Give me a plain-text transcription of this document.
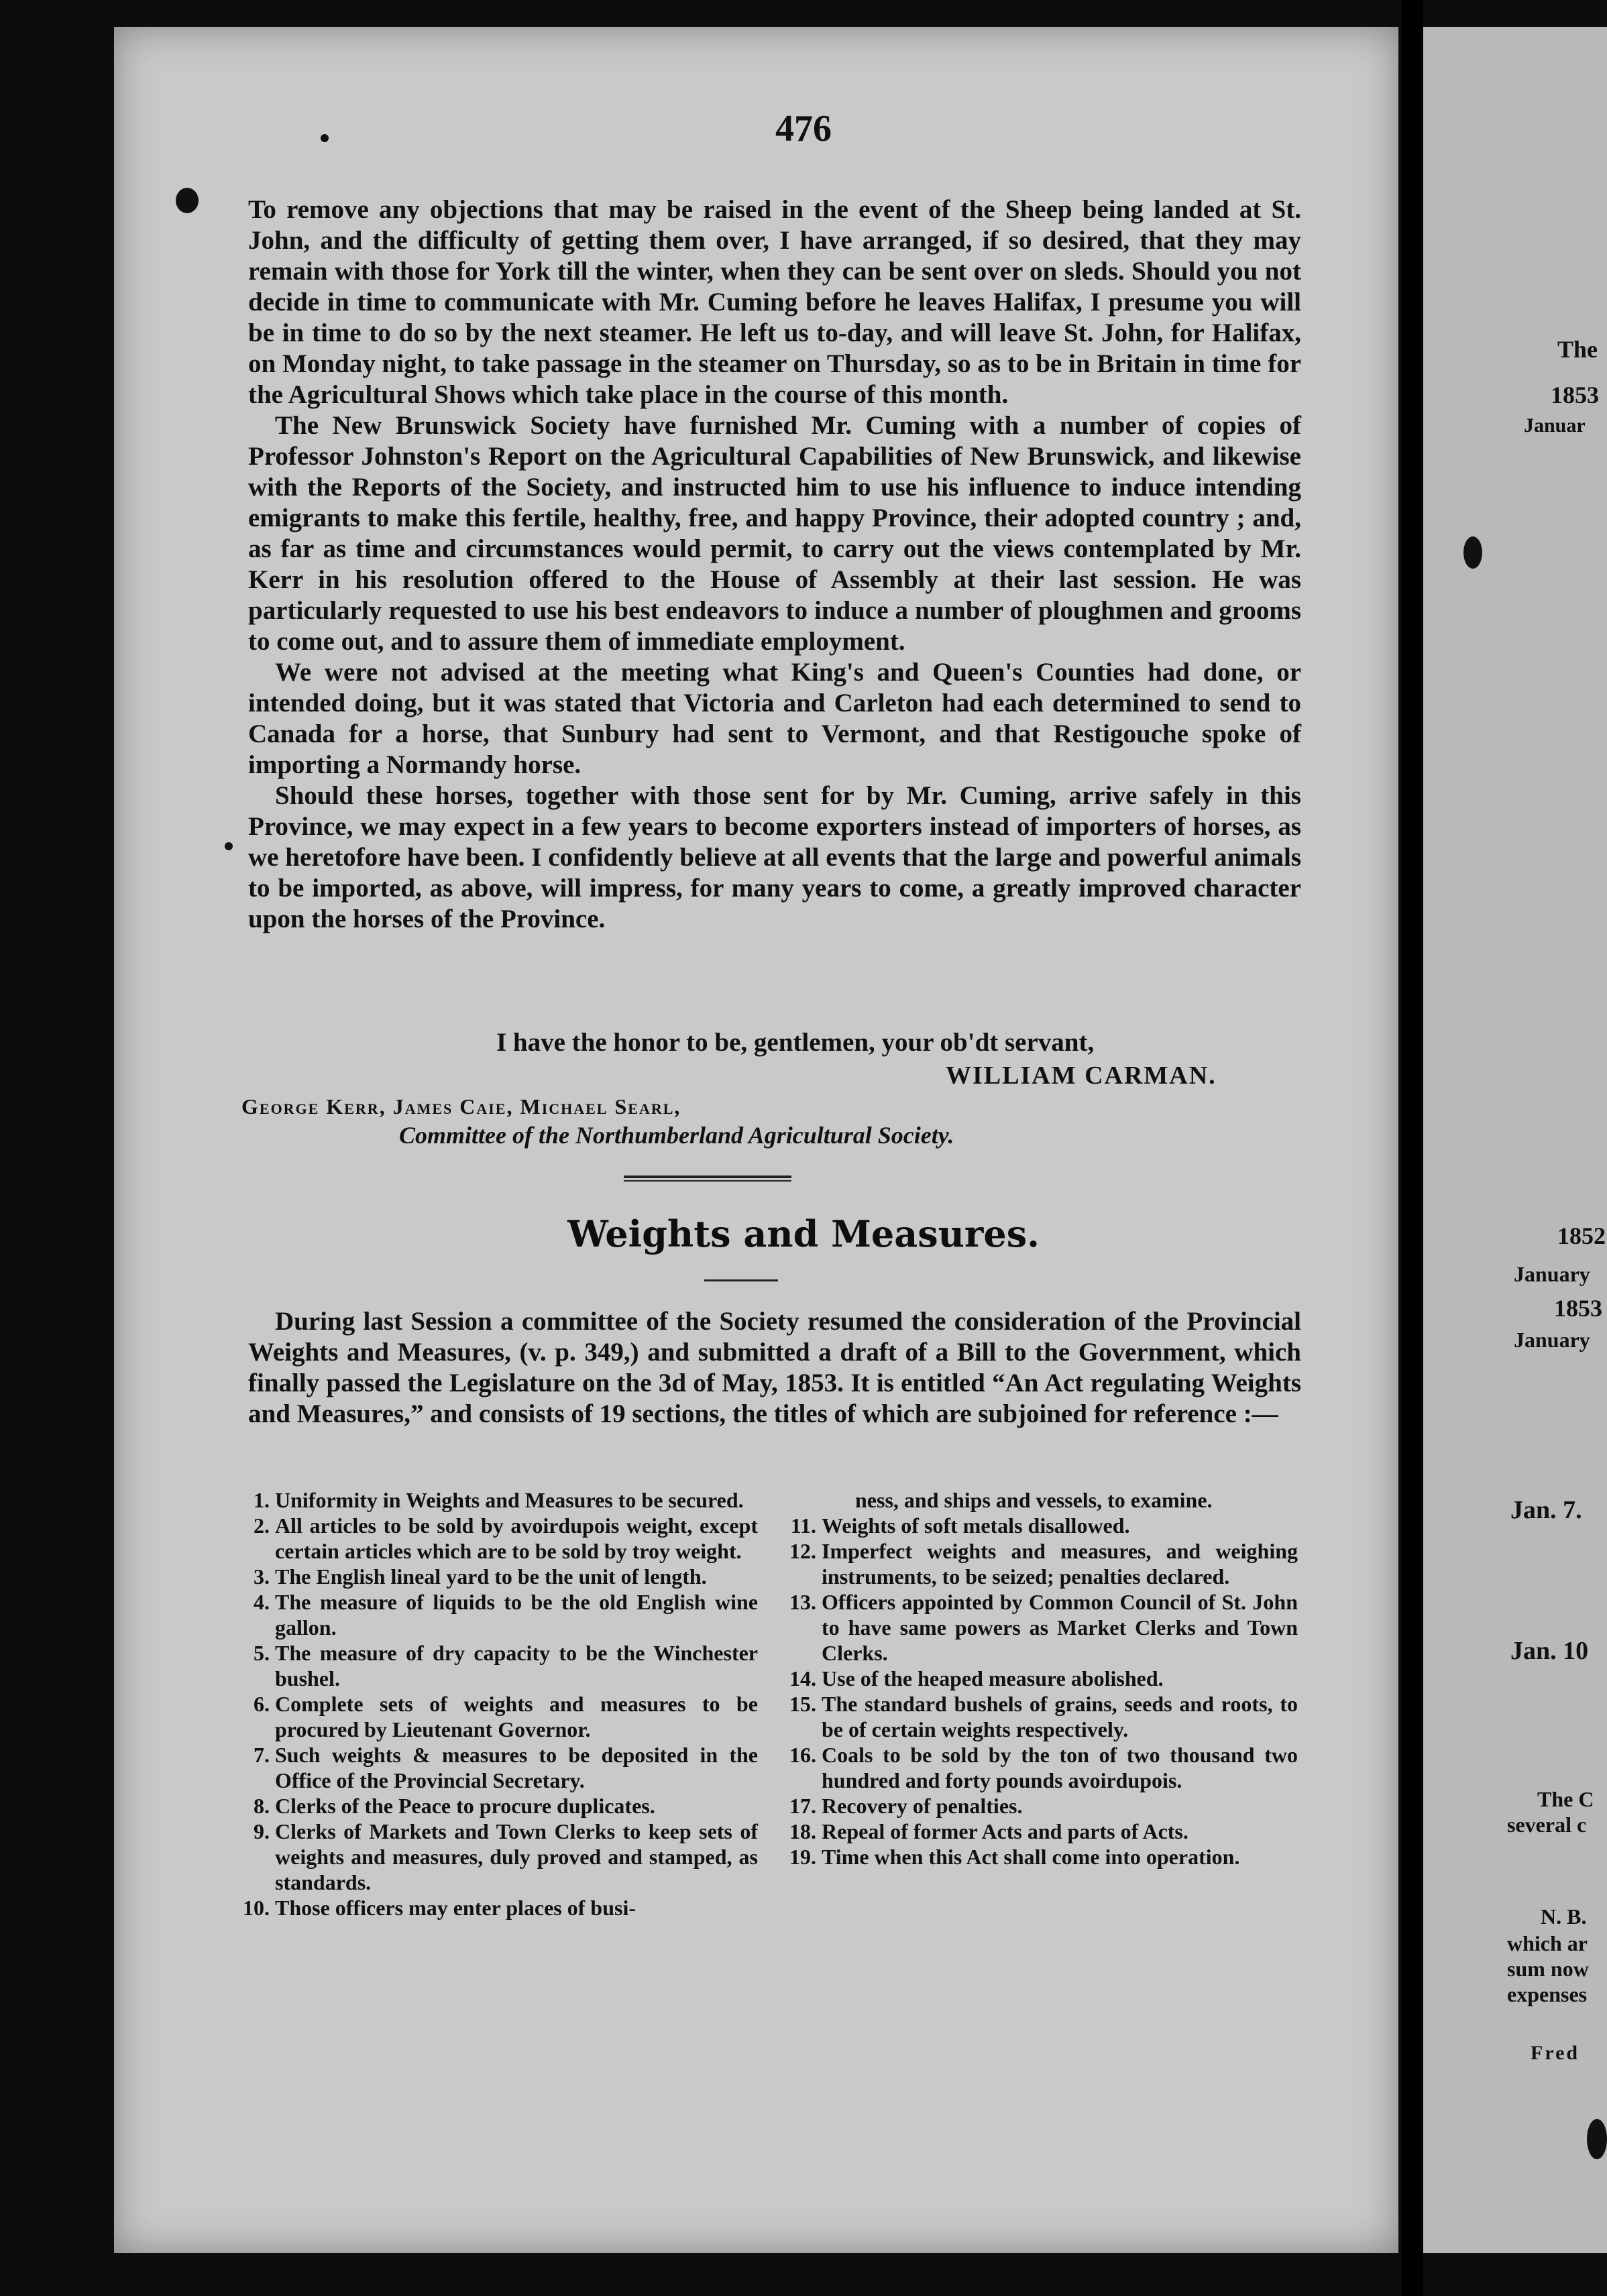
The
1853
Januar
1852
January
1853
January
Jan. 7.
Jan. 10
The C
several c
N. B.
which ar
sum now
expenses
Fred
476

To remove any objections that may be raised in the event of the Sheep being landed at St. John, and the difficulty of getting them over, I have arranged, if so desired, that they may remain with those for York till the winter, when they can be sent over on sleds. Should you not decide in time to communicate with Mr. Cuming before he leaves Halifax, I presume you will be in time to do so by the next steamer. He left us to-day, and will leave St. John, for Halifax, on Monday night, to take passage in the steamer on Thursday, so as to be in Britain in time for the Agricultural Shows which take place in the course of this month.

The New Brunswick Society have furnished Mr. Cuming with a number of copies of Professor Johnston's Report on the Agricultural Capabilities of New Brunswick, and likewise with the Reports of the Society, and instructed him to use his influence to induce intending emigrants to make this fertile, healthy, free, and happy Province, their adopted country ; and, as far as time and circumstances would permit, to carry out the views contemplated by Mr. Kerr in his resolution offered to the House of Assembly at their last session. He was particularly requested to use his best endeavors to induce a number of ploughmen and grooms to come out, and to assure them of immediate employment.

We were not advised at the meeting what King's and Queen's Counties had done, or intended doing, but it was stated that Victoria and Carleton had each determined to send to Canada for a horse, that Sunbury had sent to Vermont, and that Restigouche spoke of importing a Normandy horse.

Should these horses, together with those sent for by Mr. Cuming, arrive safely in this Province, we may expect in a few years to become exporters instead of importers of horses, as we heretofore have been. I confidently believe at all events that the large and powerful animals to be imported, as above, will impress, for many years to come, a greatly improved character upon the horses of the Province.

I have the honor to be, gentlemen, your ob'dt servant,
WILLIAM CARMAN.
George Kerr, James Caie, Michael Searl,
Committee of the Northumberland Agricultural Society.
Weights and Measures.

During last Session a committee of the Society resumed the consideration of the Provincial Weights and Measures, (v. p. 349,) and submitted a draft of a Bill to the Government, which finally passed the Legislature on the 3d of May, 1853. It is entitled “An Act regulating Weights and Measures,” and consists of 19 sections, the titles of which are subjoined for reference :—

1. Uniformity in Weights and Measures to be secured.
2. All articles to be sold by avoirdupois weight, except certain articles which are to be sold by troy weight.
3. The English lineal yard to be the unit of length.
4. The measure of liquids to be the old English wine gallon.
5. The measure of dry capacity to be the Winchester bushel.
6. Complete sets of weights and measures to be procured by Lieutenant Governor.
7. Such weights & measures to be deposited in the Office of the Provincial Secretary.
8. Clerks of the Peace to procure duplicates.
9. Clerks of Markets and Town Clerks to keep sets of weights and measures, duly proved and stamped, as standards.
10. Those officers may enter places of busi-
ness, and ships and vessels, to examine.
11. Weights of soft metals disallowed.
12. Imperfect weights and measures, and weighing instruments, to be seized; penalties declared.
13. Officers appointed by Common Council of St. John to have same powers as Market Clerks and Town Clerks.
14. Use of the heaped measure abolished.
15. The standard bushels of grains, seeds and roots, to be of certain weights respectively.
16. Coals to be sold by the ton of two thousand two hundred and forty pounds avoirdupois.
17. Recovery of penalties.
18. Repeal of former Acts and parts of Acts.
19. Time when this Act shall come into operation.
